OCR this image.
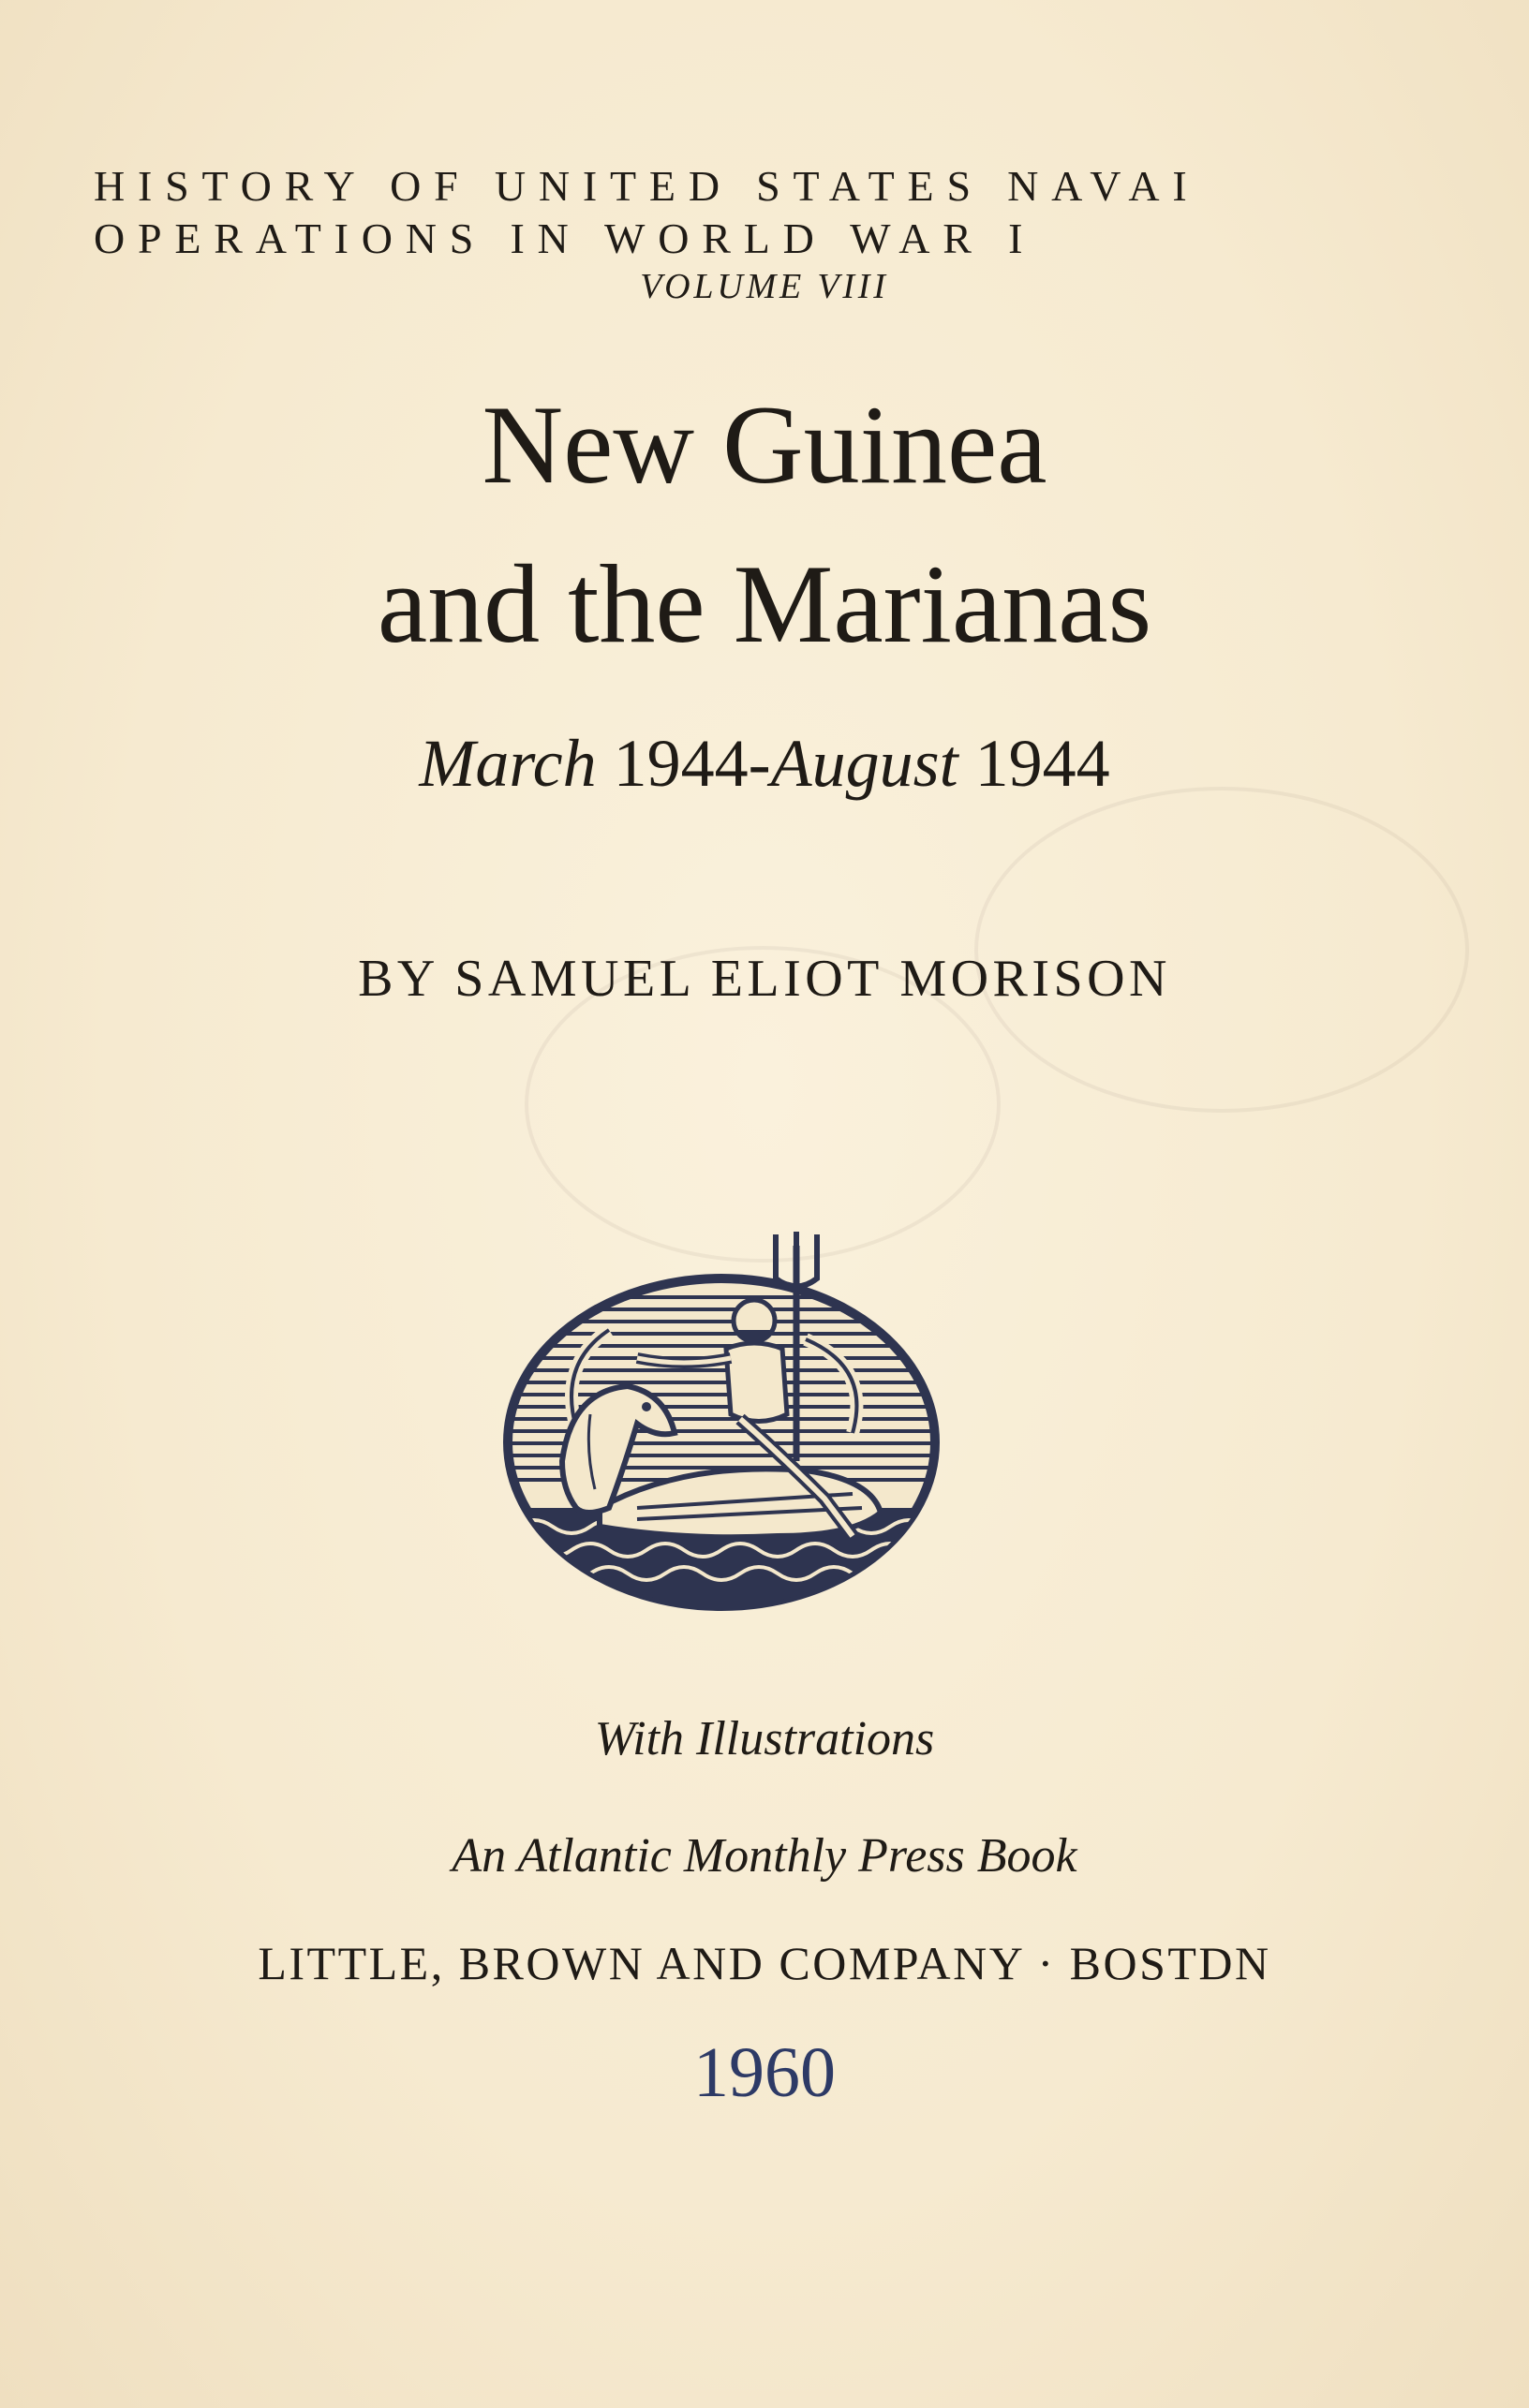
HISTORY OF UNITED STATES NAVAI
OPERATIONS IN WORLD WAR I
VOLUME VIII
New Guinea
and the Marianas
March 1944-August 1944
BY SAMUEL ELIOT MORISON
With Illustrations
An Atlantic Monthly Press Book
LITTLE, BROWN AND COMPANY · BOSTDN
1960
